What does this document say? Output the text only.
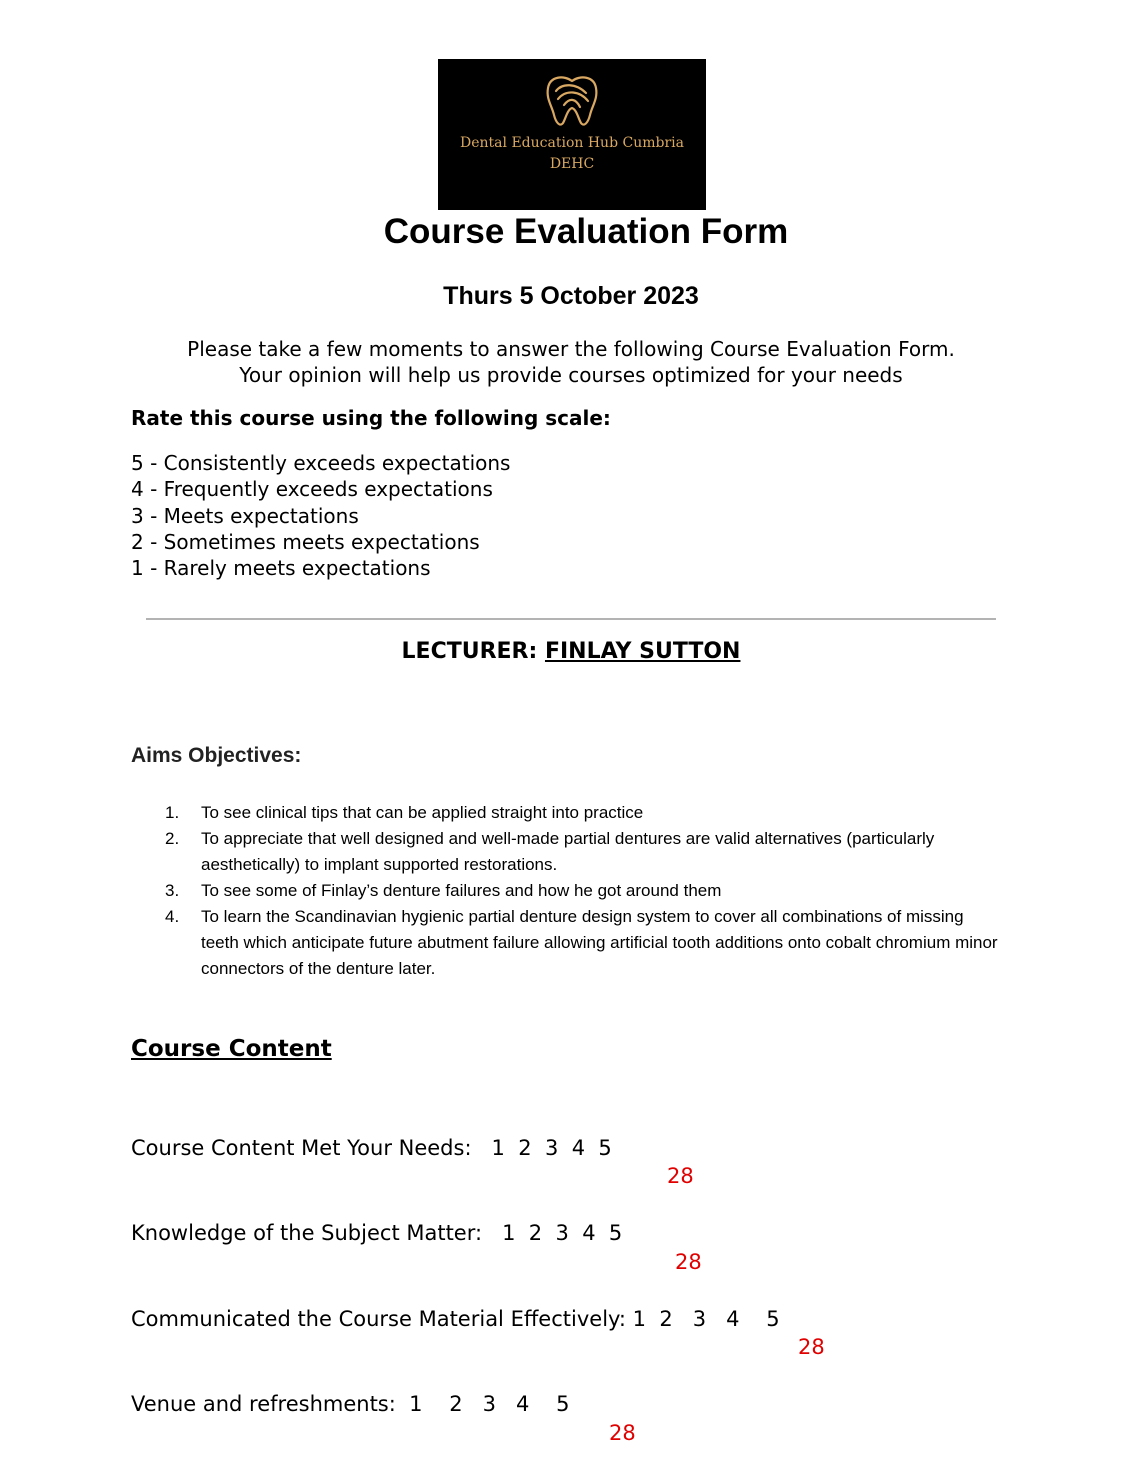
Dental Education Hub Cumbria
DEHC
Course Evaluation Form
Thurs 5 October 2023
Please take a few moments to answer the following Course Evaluation Form.
Your opinion will help us provide courses optimized for your needs
Rate this course using the following scale:
5 - Consistently exceeds expectations
4 - Frequently exceeds expectations
3 - Meets expectations
2 - Sometimes meets expectations
1 - Rarely meets expectations
LECTURER: FINLAY SUTTON
Aims Objectives:
1. To see clinical tips that can be applied straight into practice
2. To appreciate that well designed and well-made partial dentures are valid alternatives (particularly aesthetically) to implant supported restorations.
3. To see some of Finlay’s denture failures and how he got around them
4. To learn the Scandinavian hygienic partial denture design system to cover all combinations of missing teeth which anticipate future abutment failure allowing artificial tooth additions onto cobalt chromium minor connectors of the denture later.
Course Content
Course Content Met Your Needs:   1  2  3  4  5
28
Knowledge of the Subject Matter:   1  2  3  4  5
28
Communicated the Course Material Effectively: 1  2   3   4    5
28
Venue and refreshments:  1    2   3   4    5
28
